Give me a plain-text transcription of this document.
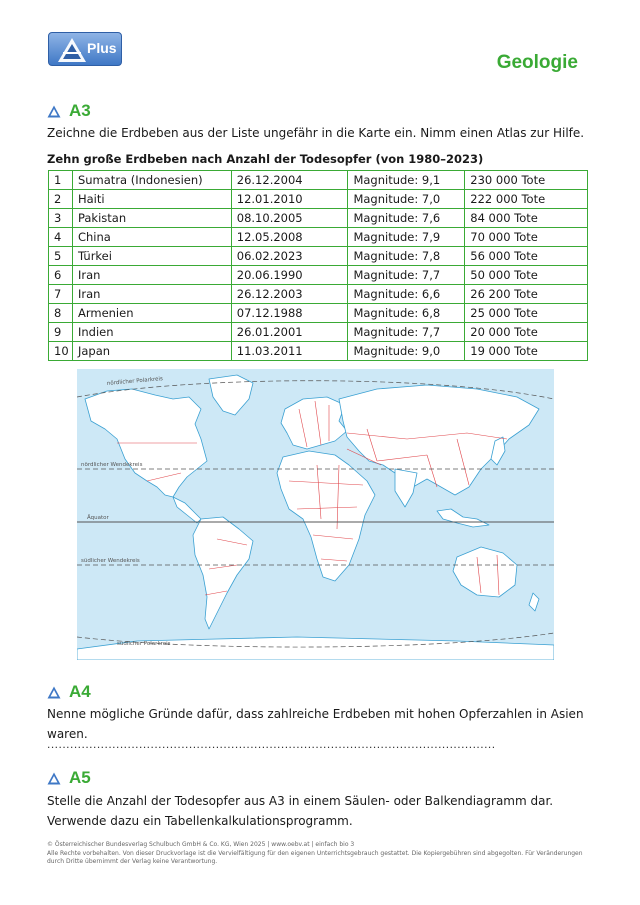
Plus
Geologie
A3
Zeichne die Erdbeben aus der Liste ungefähr in die Karte ein. Nimm einen Atlas zur Hilfe.
Zehn große Erdbeben nach Anzahl der Todesopfer (von 1980–2023)
1	Sumatra (Indonesien)	26.12.2004	Magnitude: 9,1	230 000 Tote
2	Haiti	12.01.2010	Magnitude: 7,0	222 000 Tote
3	Pakistan	08.10.2005	Magnitude: 7,6	84 000 Tote
4	China	12.05.2008	Magnitude: 7,9	70 000 Tote
5	Türkei	06.02.2023	Magnitude: 7,8	56 000 Tote
6	Iran	20.06.1990	Magnitude: 7,7	50 000 Tote
7	Iran	26.12.2003	Magnitude: 6,6	26 200 Tote
8	Armenien	07.12.1988	Magnitude: 6,8	25 000 Tote
9	Indien	26.01.2001	Magnitude: 7,7	20 000 Tote
10	Japan	11.03.2011	Magnitude: 9,0	19 000 Tote
nördlicher Polarkreis
nördlicher Wendekreis
Äquator
südlicher Wendekreis
südlicher Polarkreis
A4
Nenne mögliche Gründe dafür, dass zahlreiche Erdbeben mit hohen Opferzahlen in Asien waren.
.....................................................................................................................
A5
Stelle die Anzahl der Todesopfer aus A3 in einem Säulen- oder Balkendiagramm dar. Verwende dazu ein Tabellenkalkulationsprogramm.
© Österreichischer Bundesverlag Schulbuch GmbH & Co. KG, Wien 2025 | www.oebv.at | einfach bio 3
Alle Rechte vorbehalten. Von dieser Druckvorlage ist die Vervielfältigung für den eigenen Unterrichtsgebrauch gestattet. Die Kopiergebühren sind abgegolten. Für Veränderungen durch Dritte übernimmt der Verlag keine Verantwortung.
